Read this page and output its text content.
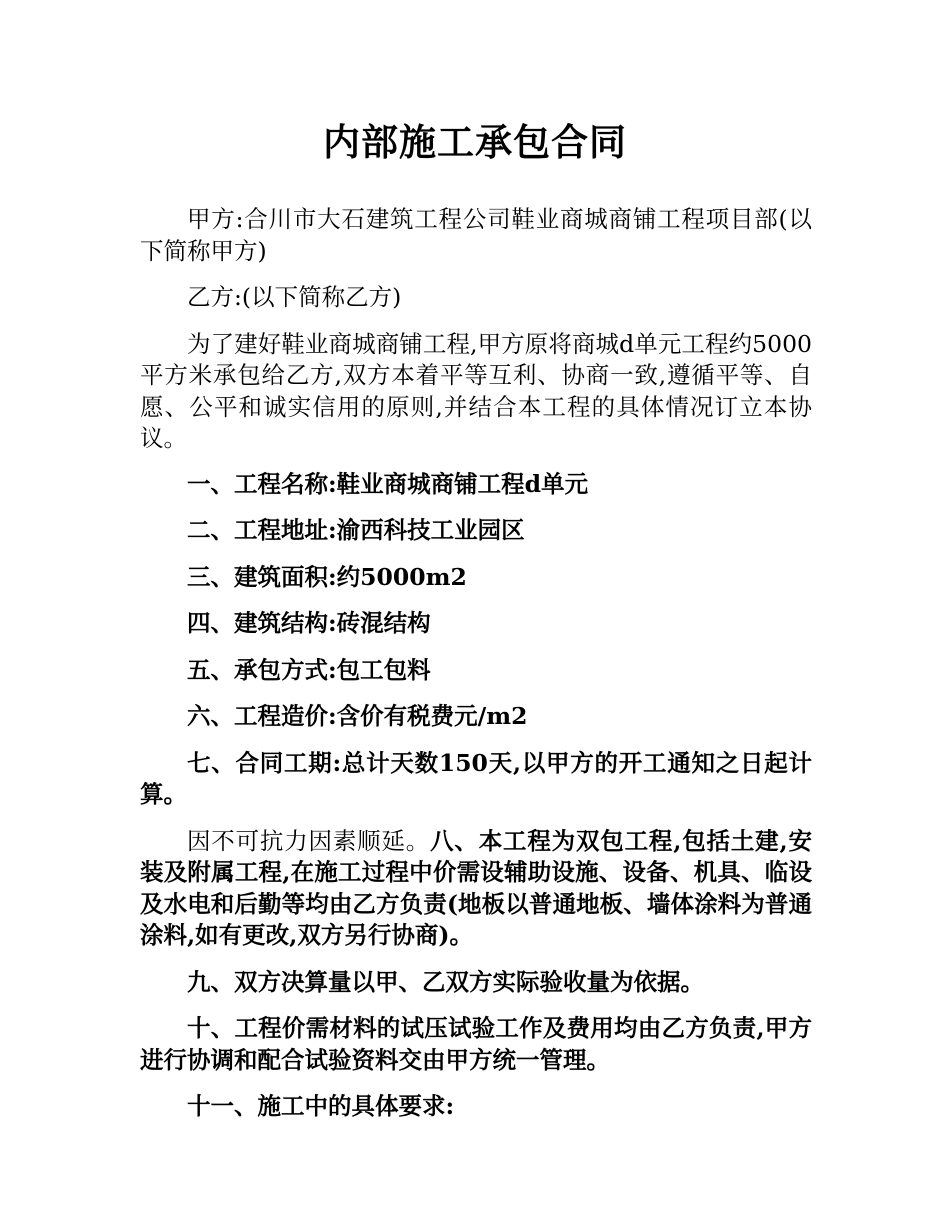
内部施工承包合同

甲方:合川市大石建筑工程公司鞋业商城商铺工程项目部(以下简称甲方)

乙方:(以下简称乙方)

为了建好鞋业商城商铺工程,甲方原将商城d单元工程约5000平方米承包给乙方,双方本着平等互利、协商一致,遵循平等、自愿、公平和诚实信用的原则,并结合本工程的具体情况订立本协议。

一、工程名称:鞋业商城商铺工程d单元

二、工程地址:渝西科技工业园区

三、建筑面积:约5000m2

四、建筑结构:砖混结构

五、承包方式:包工包料

六、工程造价:含价有税费元/m2

七、合同工期:总计天数150天,以甲方的开工通知之日起计算。

因不可抗力因素顺延。八、本工程为双包工程,包括土建,安装及附属工程,在施工过程中价需设辅助设施、设备、机具、临设及水电和后勤等均由乙方负责(地板以普通地板、墙体涂料为普通涂料,如有更改,双方另行协商)。

九、双方决算量以甲、乙双方实际验收量为依据。

十、工程价需材料的试压试验工作及费用均由乙方负责,甲方进行协调和配合试验资料交由甲方统一管理。

十一、施工中的具体要求:
